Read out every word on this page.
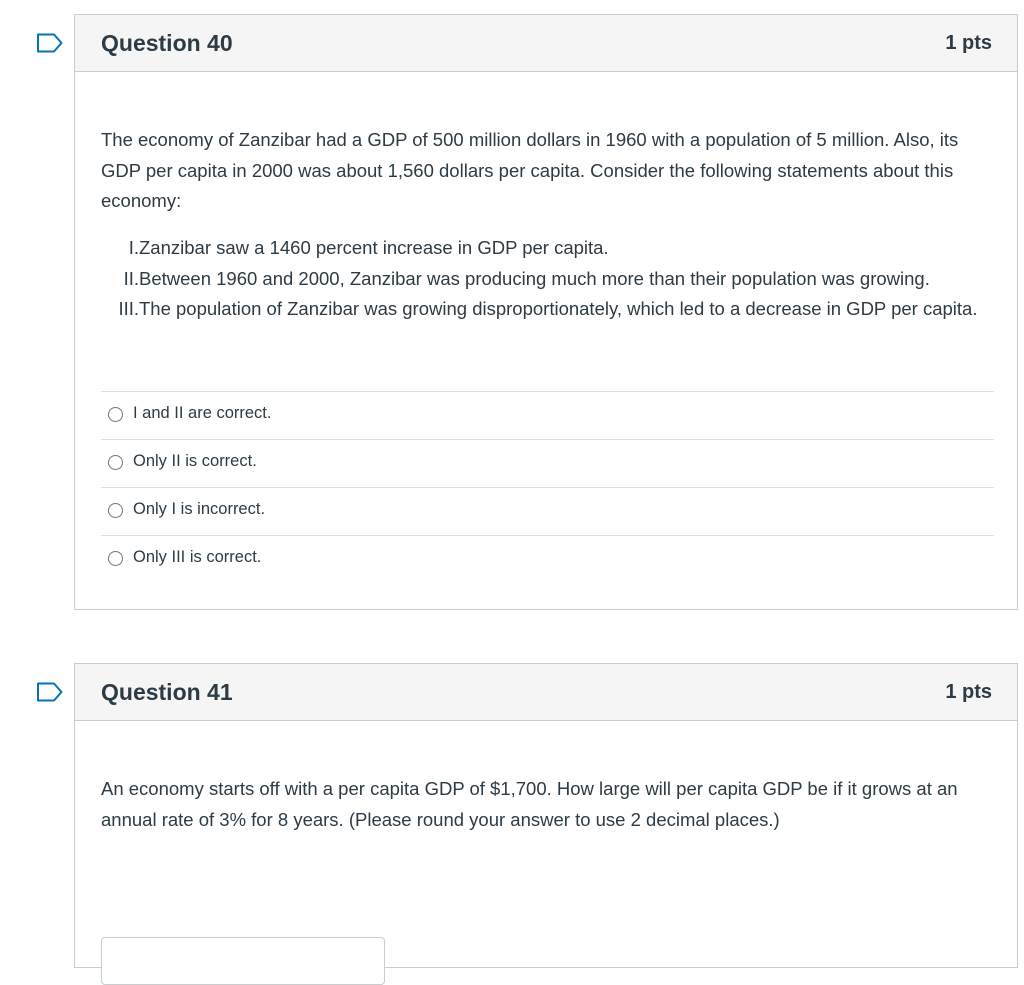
Question 40	1 pts

The economy of Zanzibar had a GDP of 500 million dollars in 1960 with a population of 5 million. Also, its GDP per capita in 2000 was about 1,560 dollars per capita. Consider the following statements about this economy:

I. Zanzibar saw a 1460 percent increase in GDP per capita.
II. Between 1960 and 2000, Zanzibar was producing much more than their population was growing.
III. The population of Zanzibar was growing disproportionately, which led to a decrease in GDP per capita.
I and II are correct.
Only II is correct.
Only I is incorrect.
Only III is correct.
Question 41	1 pts

An economy starts off with a per capita GDP of $1,700. How large will per capita GDP be if it grows at an annual rate of 3% for 8 years. (Please round your answer to use 2 decimal places.)
